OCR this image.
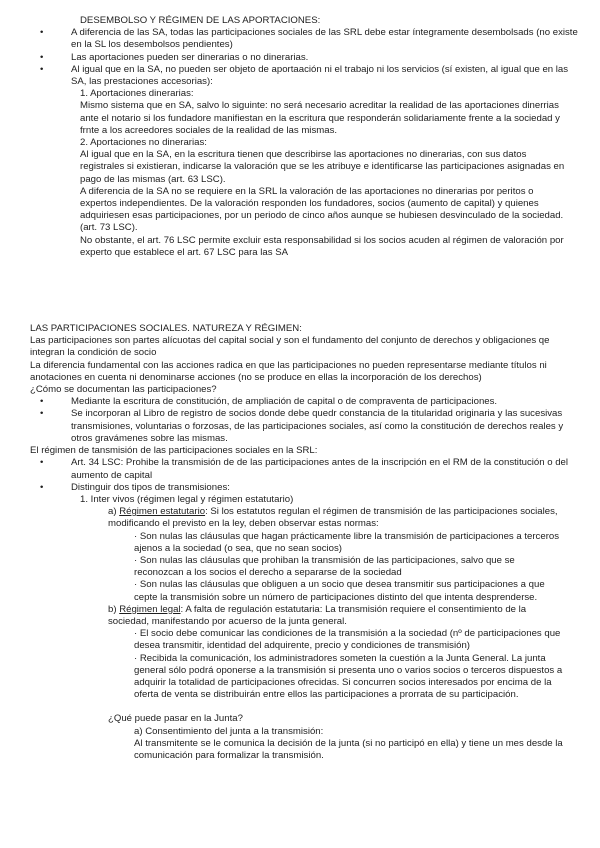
DESEMBOLSO Y RÉGIMEN DE LAS APORTACIONES:

•	A diferencia de las SA, todas las participaciones sociales de las SRL debe estar íntegramente desembolsads (no existe en la SL los desembolsos pendientes)
•	Las aportaciones pueden ser dinerarias o no dinerarias.
•	Al igual que en la SA, no pueden ser objeto de aportaación ni el trabajo ni los servicios (sí existen, al igual que en las SA, las prestaciones accesorias):

1. Aportaciones dinerarias:

Mismo sistema que en SA, salvo lo siguinte: no será necesario acreditar la realidad de las aportaciones dinerrias ante el notario si los fundadore manifiestan en la escritura que responderán solidariamente frente a la sociedad y frnte a los acreedores sociales de la realidad de las mismas.

2. Aportaciones no dinerarias:

Al igual que en la SA, en la escritura tienen que describirse las aportaciones no dinerarias, con sus datos registrales si existieran, indicarse la valoración que se les atribuye e identificarse las participaciones asignadas en pago de las mismas (art. 63 LSC).

A diferencia de la SA no se requiere en la SRL la valoración de las aportaciones no dinerarias por peritos o expertos independientes. De la valoración responden los fundadores, socios (aumento de capital) y quienes adquiriesen esas participaciones, por un periodo de cinco años aunque se hubiesen desvinculado de la sociedad. (art. 73 LSC).

No obstante, el art. 76 LSC permite excluir esta responsabilidad si los socios acuden al régimen de valoración por experto que establece el art. 67 LSC para las SA

LAS PARTICIPACIONES SOCIALES. NATUREZA Y RÉGIMEN:

Las participaciones son partes alícuotas del capital social y son el fundamento del conjunto de derechos y obligaciones qe integran la condición de socio

La diferencia fundamental con las acciones radica en que las participaciones no pueden representarse mediante títulos ni anotaciones en cuenta ni denominarse acciones (no se produce en ellas la incorporación de los derechos)

¿Cómo se documentan las participaciones?

•	Mediante la escritura de constitución, de ampliación de capital o de compraventa de participaciones.
•	Se incorporan al Libro de registro de socios donde debe quedr constancia de la titularidad originaria y las sucesivas transmisiones, voluntarias o forzosas, de las participaciones sociales, así como la constitución de derechos reales y otros gravámenes sobre las mismas.

El régimen de tansmisión de las participaciones sociales en la SRL:

•	Art. 34 LSC: Prohibe la transmisión de de las participaciones antes de la inscripción en el RM de la constitución o del aumento de capital
•	Distinguir dos tipos de transmisiones:

1. Inter vivos (régimen legal y régimen estatutario)

a) Régimen estatutario: Si los estatutos regulan el régimen de transmisión de las participaciones sociales, modificando el previsto en la ley, deben observar estas normas:

· Son nulas las cláusulas que hagan prácticamente libre la transmisión de participaciones a terceros ajenos a la sociedad (o sea, que no sean socios)

· Son nulas las cláusulas que prohiban la transmisión de las participaciones, salvo que se reconozcan a los socios el derecho a separarse de la sociedad

· Son nulas las cláusulas que obliguen a un socio que desea transmitir sus participaciones a que cepte la transmisión sobre un número de participaciones distinto del que intenta desprenderse.

b) Régimen legal: A falta de regulación estatutaria: La transmisión requiere el consentimiento de la sociedad, manifestando por acuerso de la junta general.

· El socio debe comunicar las condiciones de la transmisión a la sociedad (nº de participaciones que desea transmitir, identidad del adquirente, precio y condiciones de transmisión)

· Recibida la comunicación, los administradores someten la cuestión a la Junta General. La junta general sólo podrá oponerse a la transmisión si presenta uno o varios socios o terceros dispuestos a adquirir la totalidad de participaciones ofrecidas. Si concurren socios interesados por encima de la oferta de venta se distribuirán entre ellos las participaciones a prorrata de su participación.

¿Qué puede pasar en la Junta?

a) Consentimiento del junta a la transmisión:

Al transmitente se le comunica la decisión de la junta (si no participó en ella) y tiene un mes desde la comunicación para formalizar la transmisión.
